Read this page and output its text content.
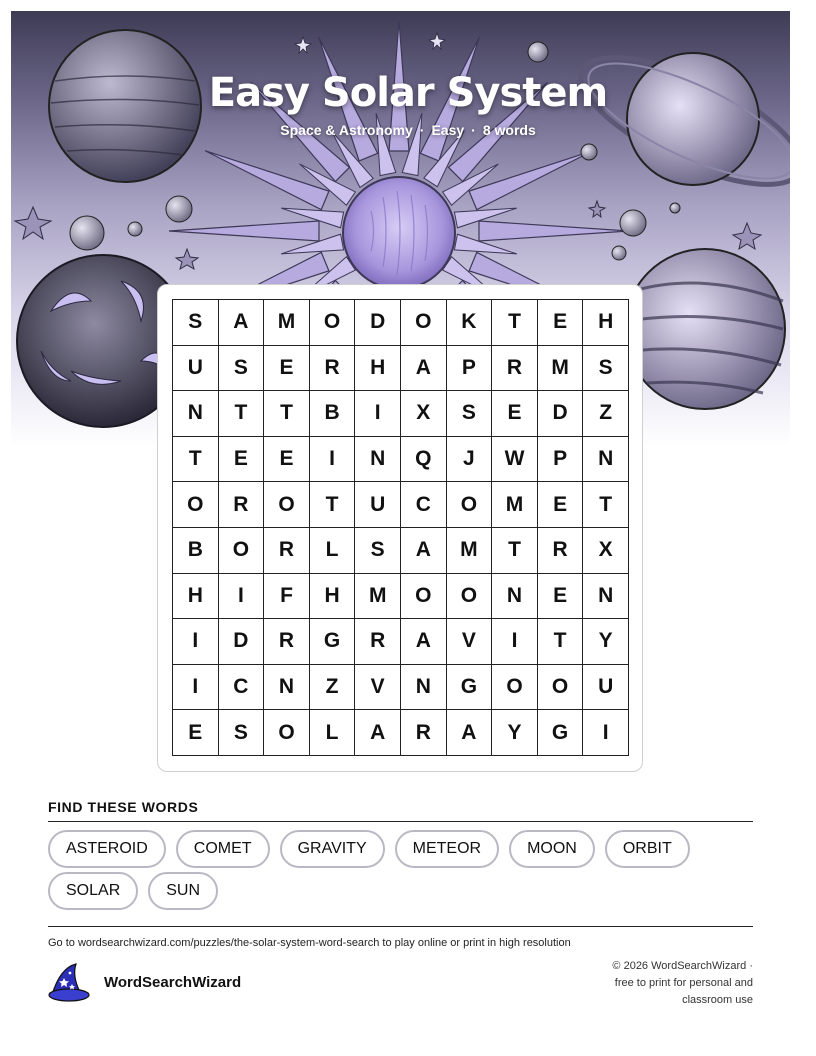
Easy Solar System
Space & Astronomy · Easy · 8 words
S	A	M	O	D	O	K	T	E	H
U	S	E	R	H	A	P	R	M	S
N	T	T	B	I	X	S	E	D	Z
T	E	E	I	N	Q	J	W	P	N
O	R	O	T	U	C	O	M	E	T
B	O	R	L	S	A	M	T	R	X
H	I	F	H	M	O	O	N	E	N
I	D	R	G	R	A	V	I	T	Y
I	C	N	Z	V	N	G	O	O	U
E	S	O	L	A	R	A	Y	G	I
FIND THESE WORDS
ASTEROID	COMET	GRAVITY	METEOR	MOON	ORBIT
SOLAR	SUN
Go to wordsearchwizard.com/puzzles/the-solar-system-word-search to play online or print in high resolution
WordSearchWizard
© 2026 WordSearchWizard ·
free to print for personal and
classroom use
